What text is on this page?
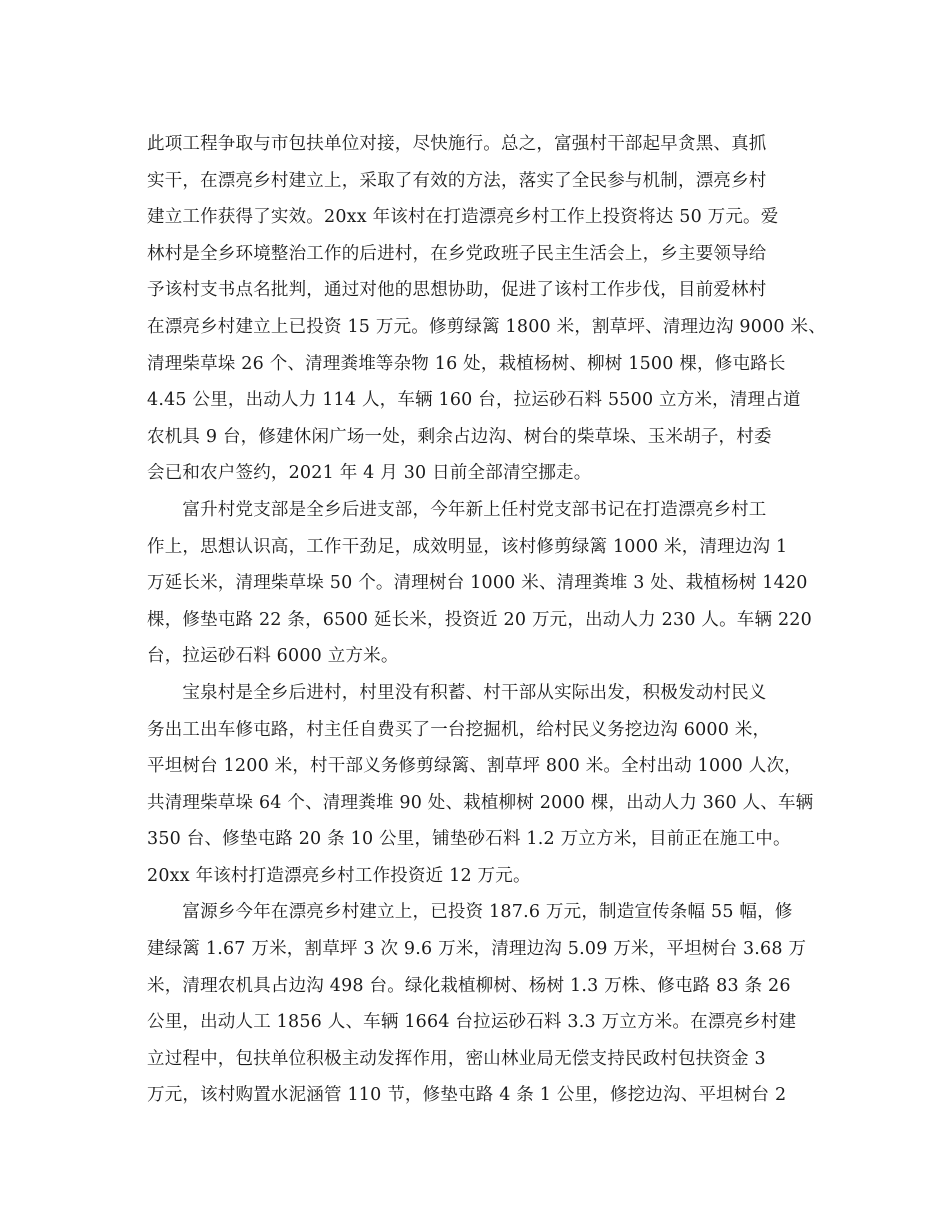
此项工程争取与市包扶单位对接，尽快施行。总之，富强村干部起早贪黑、真抓
实干，在漂亮乡村建立上，采取了有效的方法，落实了全民参与机制，漂亮乡村
建立工作获得了实效。20xx 年该村在打造漂亮乡村工作上投资将达 50 万元。爱
林村是全乡环境整治工作的后进村，在乡党政班子民主生活会上，乡主要领导给
予该村支书点名批判，通过对他的思想协助，促进了该村工作步伐，目前爱林村
在漂亮乡村建立上已投资 15 万元。修剪绿篱 1800 米，割草坪、清理边沟 9000 米、
清理柴草垛 26 个、清理粪堆等杂物 16 处，栽植杨树、柳树 1500 棵，修屯路长
4.45 公里，出动人力 114 人，车辆 160 台，拉运砂石料 5500 立方米，清理占道
农机具 9 台，修建休闲广场一处，剩余占边沟、树台的柴草垛、玉米胡子，村委
会已和农户签约，2021 年 4 月 30 日前全部清空挪走。
　　富升村党支部是全乡后进支部，今年新上任村党支部书记在打造漂亮乡村工
作上，思想认识高，工作干劲足，成效明显，该村修剪绿篱 1000 米，清理边沟 1
万延长米，清理柴草垛 50 个。清理树台 1000 米、清理粪堆 3 处、栽植杨树 1420
棵，修垫屯路 22 条，6500 延长米，投资近 20 万元，出动人力 230 人。车辆 220
台，拉运砂石料 6000 立方米。
　　宝泉村是全乡后进村，村里没有积蓄、村干部从实际出发，积极发动村民义
务出工出车修屯路，村主任自费买了一台挖掘机，给村民义务挖边沟 6000 米，
平坦树台 1200 米，村干部义务修剪绿篱、割草坪 800 米。全村出动 1000 人次，
共清理柴草垛 64 个、清理粪堆 90 处、栽植柳树 2000 棵，出动人力 360 人、车辆
350 台、修垫屯路 20 条 10 公里，铺垫砂石料 1.2 万立方米，目前正在施工中。
20xx 年该村打造漂亮乡村工作投资近 12 万元。
　　富源乡今年在漂亮乡村建立上，已投资 187.6 万元，制造宣传条幅 55 幅，修
建绿篱 1.67 万米，割草坪 3 次 9.6 万米，清理边沟 5.09 万米，平坦树台 3.68 万
米，清理农机具占边沟 498 台。绿化栽植柳树、杨树 1.3 万株、修屯路 83 条 26
公里，出动人工 1856 人、车辆 1664 台拉运砂石料 3.3 万立方米。在漂亮乡村建
立过程中，包扶单位积极主动发挥作用，密山林业局无偿支持民政村包扶资金 3
万元，该村购置水泥涵管 110 节，修垫屯路 4 条 1 公里，修挖边沟、平坦树台 2
